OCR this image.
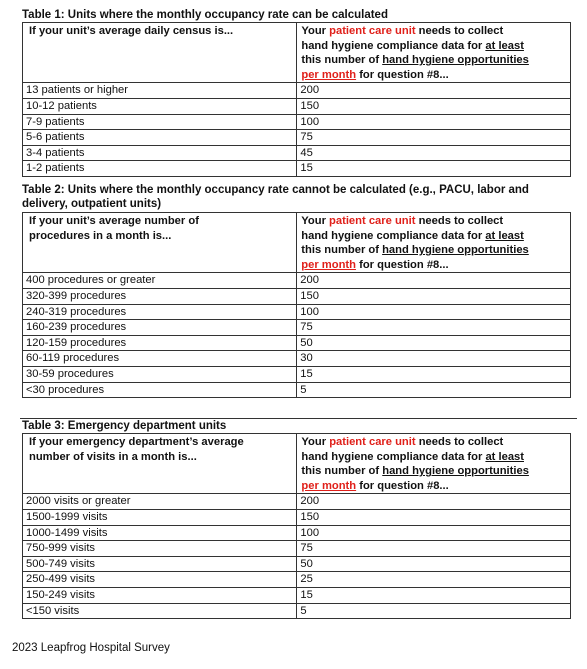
Table 1: Units where the monthly occupancy rate can be calculated
If your unit’s average daily census is...	Your patient care unit needs to collect
hand hygiene compliance data for at least
this number of hand hygiene opportunities
per month for question #8...

13 patients or higher	200
10-12 patients	150
7-9 patients	100
5-6 patients	75
3-4 patients	45
1-2 patients	15
Table 2: Units where the monthly occupancy rate cannot be calculated (e.g., PACU, labor and
delivery, outpatient units)
If your unit’s average number of
procedures in a month is...	Your patient care unit needs to collect
hand hygiene compliance data for at least
this number of hand hygiene opportunities
per month for question #8...

400 procedures or greater	200
320-399 procedures	150
240-319 procedures	100
160-239 procedures	75
120-159 procedures	50
60-119 procedures	30
30-59 procedures	15
<30 procedures	5
Table 3: Emergency department units
If your emergency department’s average
number of visits in a month is...	Your patient care unit needs to collect
hand hygiene compliance data for at least
this number of hand hygiene opportunities
per month for question #8...

2000 visits or greater	200
1500-1999 visits	150
1000-1499 visits	100
750-999 visits	75
500-749 visits	50
250-499 visits	25
150-249 visits	15
<150 visits	5
2023 Leapfrog Hospital Survey
